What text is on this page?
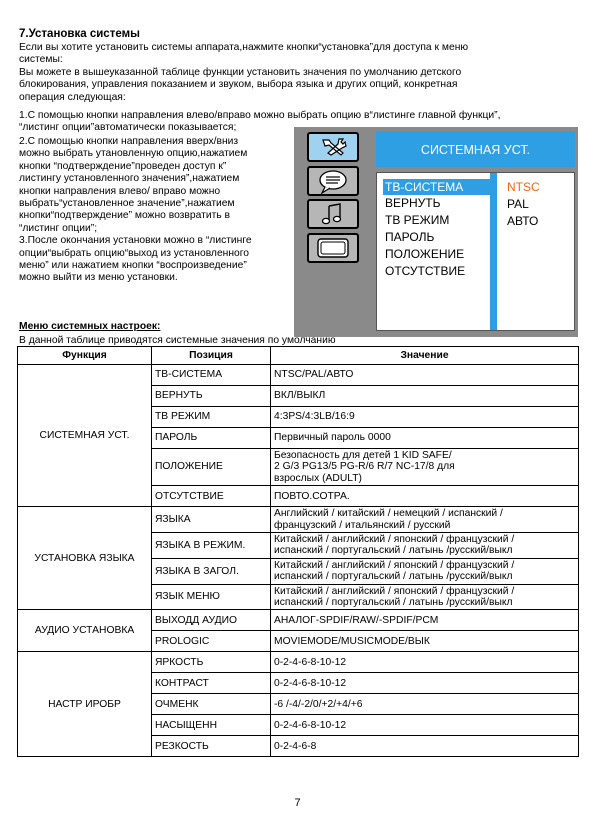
7.Установка системы
Если вы хотите установить системы аппарата,нажмите кнопки“установка”для доступа к меню
системы:
Вы можете в вышеуказанной таблице функции установить значения по умолчанию детского
блокирования, управления показанием и звуком, выбора языка и других опций, конкретная
операция следующая:
1.С помощью кнопки направления влево/вправо можно выбрать опцию в“листинге главной функци”,
“листинг опции”автоматически показывается;
2.С помощью кнопки направления вверх/вниз
можно выбрать утановленную опцию,нажатием
кнопки “подтверждение”проведен доступ к”
листингу установленного значения”,нажатием
кнопки направления влево/ вправо можно
выбрать“установленное значение”,нажатием
кнопки“подтверждение” можно возвратить в
“листинг опции”;
3.После окончания установки можно в “листинге
опции“выбрать опцию“выход из установленного
меню” или нажатием кнопки “воспроизведение”
можно выйти из меню установки.
СИСТЕМНАЯ УСТ.
ТВ-СИСТЕМА
ВЕРНУТЬ
ТВ РЕЖИМ
ПАРОЛЬ
ПОЛОЖЕНИЕ
ОТСУТСТВИЕ
NTSC
PAL
АВТО
Меню системных настроек:
В данной таблице приводятся системные значения по умолчанию
Функция	Позиция	Значение
СИСТЕМНАЯ УСТ.	ТВ-СИСТЕМА	NTSC/PAL/АВТО
	ВЕРНУТЬ	ВКЛ/ВЫКЛ
	ТВ РЕЖИМ	4:3PS/4:3LB/16:9
	ПАРОЛЬ	Первичный пароль 0000
	ПОЛОЖЕНИЕ	Безопасность для детей 1 KID SAFE/
2 G/3 PG13/5 PG-R/6 R/7 NC-17/8 для
взрослых (ADULT)

	ОТСУТСТВИЕ	ПОВТО.СОТРА.
УСТАНОВКА ЯЗЫКА	ЯЗЫКА	Английский / китайский / немецкий / испанский /
французский / итальянский / русский

	ЯЗЫКА В РЕЖИМ.	Китайский / английский / японский / французский /
испанский / португальский / латынь /русский/выкл

	ЯЗЫКА В ЗАГОЛ.	Китайский / английский / японский / французский /
испанский / португальский / латынь /русский/выкл

	ЯЗЫК МЕНЮ	Китайский / английский / японский / французский /
испанский / португальский / латынь /русский/выкл

АУДИО УСТАНОВКА	ВЫХОДД АУДИО	АНАЛОГ-SPDIF/RAW/-SPDIF/PCM
	PROLOGIC	MOVIEMODE/MUSICMODE/ВЫК
НАСТР ИРОБР	ЯРКОСТЬ	0-2-4-6-8-10-12
	КОНТРАСТ	0-2-4-6-8-10-12
	ОЧМЕНК	-6 /-4/-2/0/+2/+4/+6
	НАСЫЩЕНН	0-2-4-6-8-10-12
	РЕЗКОСТЬ	0-2-4-6-8
7
